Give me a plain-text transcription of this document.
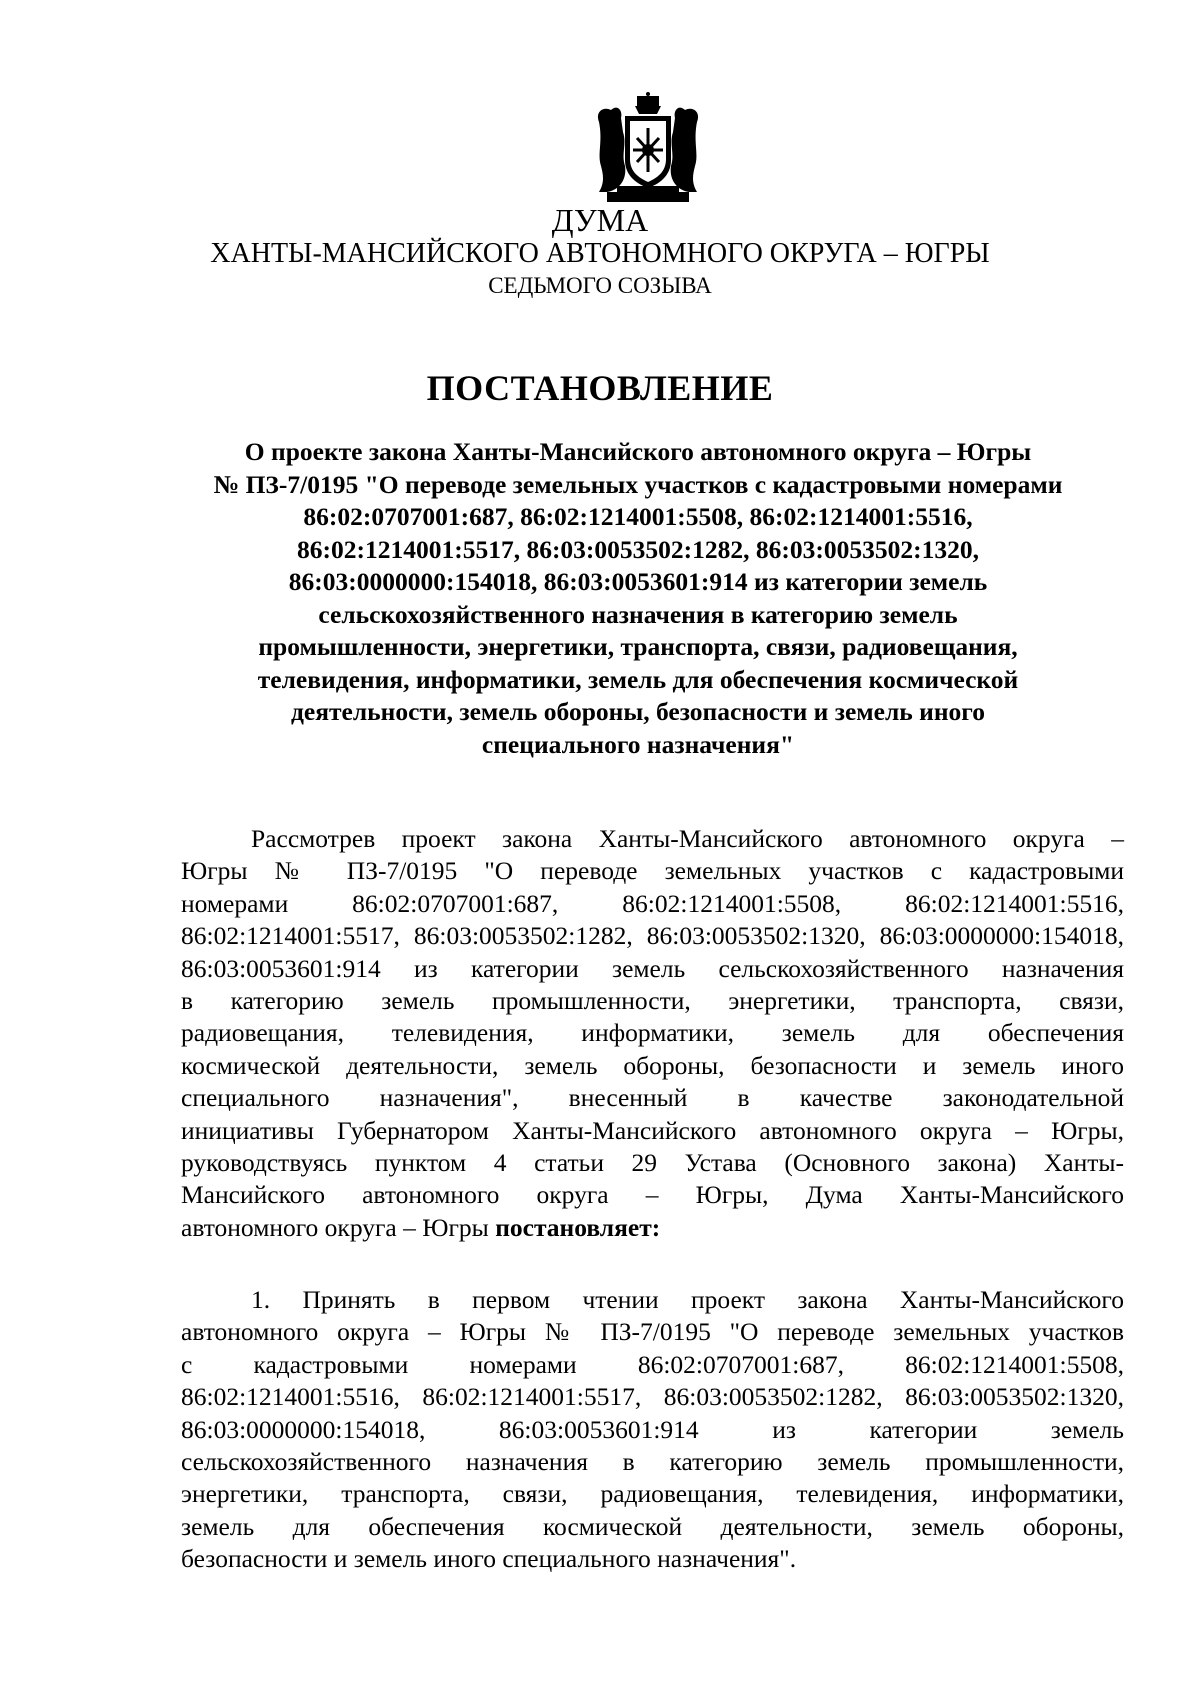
ДУМА
ХАНТЫ-МАНСИЙСКОГО АВТОНОМНОГО ОКРУГА – ЮГРЫ
СЕДЬМОГО СОЗЫВА
ПОСТАНОВЛЕНИЕ
О проекте закона Ханты-Мансийского автономного округа – Югры
№ ПЗ-7/0195 "О переводе земельных участков с кадастровыми номерами
86:02:0707001:687, 86:02:1214001:5508, 86:02:1214001:5516,
86:02:1214001:5517, 86:03:0053502:1282, 86:03:0053502:1320,
86:03:0000000:154018, 86:03:0053601:914 из категории земель
сельскохозяйственного назначения в категорию земель
промышленности, энергетики, транспорта, связи, радиовещания,
телевидения, информатики, земель для обеспечения космической
деятельности, земель обороны, безопасности и земель иного
специального назначения"
Рассмотрев проект закона Ханты-Мансийского автономного округа –
Югры № ПЗ-7/0195 "О переводе земельных участков с кадастровыми
номерами 86:02:0707001:687, 86:02:1214001:5508, 86:02:1214001:5516,
86:02:1214001:5517, 86:03:0053502:1282, 86:03:0053502:1320, 86:03:0000000:154018,
86:03:0053601:914 из категории земель сельскохозяйственного назначения
в категорию земель промышленности, энергетики, транспорта, связи,
радиовещания, телевидения, информатики, земель для обеспечения
космической деятельности, земель обороны, безопасности и земель иного
специального назначения", внесенный в качестве законодательной
инициативы Губернатором Ханты-Мансийского автономного округа – Югры,
руководствуясь пунктом 4 статьи 29 Устава (Основного закона) Ханты-
Мансийского автономного округа – Югры, Дума Ханты-Мансийского
автономного округа – Югры постановляет:
1. Принять в первом чтении проект закона Ханты-Мансийского
автономного округа – Югры № ПЗ-7/0195 "О переводе земельных участков
с кадастровыми номерами 86:02:0707001:687, 86:02:1214001:5508,
86:02:1214001:5516, 86:02:1214001:5517, 86:03:0053502:1282, 86:03:0053502:1320,
86:03:0000000:154018, 86:03:0053601:914 из категории земель
сельскохозяйственного назначения в категорию земель промышленности,
энергетики, транспорта, связи, радиовещания, телевидения, информатики,
земель для обеспечения космической деятельности, земель обороны,
безопасности и земель иного специального назначения".
